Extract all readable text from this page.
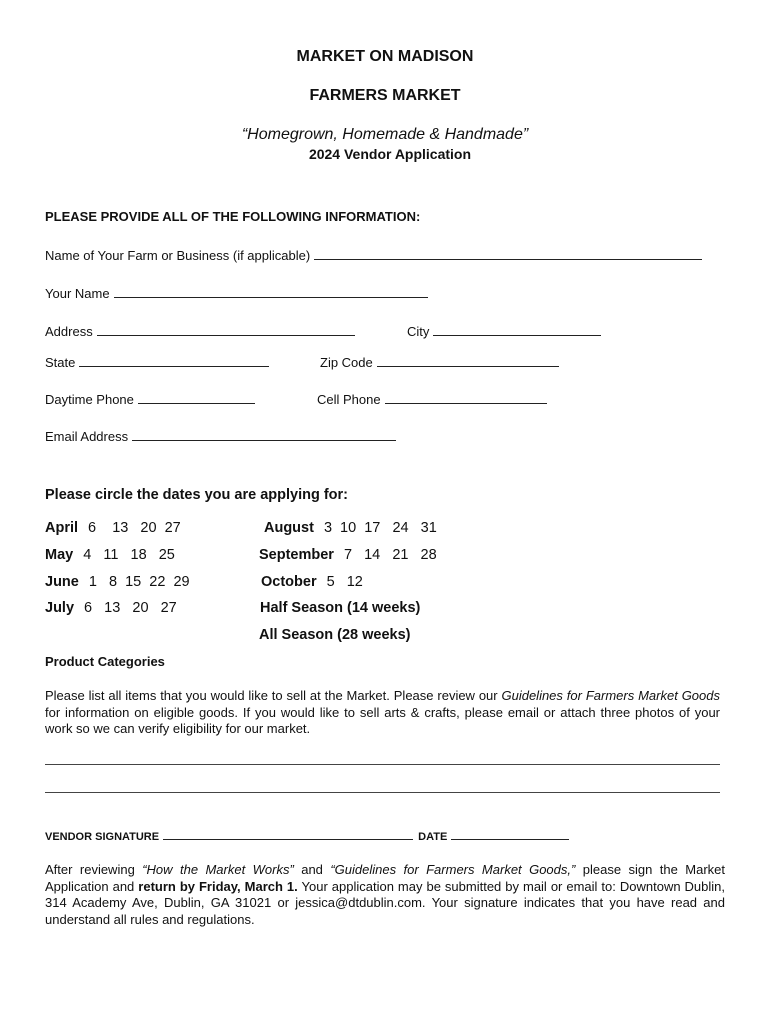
MARKET ON MADISON
FARMERS MARKET
“Homegrown, Homemade & Handmade”
2024 Vendor Application
PLEASE PROVIDE ALL OF THE FOLLOWING INFORMATION:
Name of Your Farm or Business (if applicable)
Your Name
Address	City
State	Zip Code
Daytime Phone	Cell Phone
Email Address
Please circle the dates you are applying for:
April 6    13   20  27
May 4   11   18   25
June 1   8  15  22  29
July 6   13   20   27
August 3  10  17   24   31
September 7   14   21   28
October 5   12
Half Season (14 weeks)
All Season (28 weeks)
Product Categories
Please list all items that you would like to sell at the Market. Please review our Guidelines for Farmers Market Goods for information on eligible goods. If you would like to sell arts & crafts, please email or attach three photos of your work so we can verify eligibility for our market.
VENDOR SIGNATURE	DATE
After reviewing “How the Market Works” and “Guidelines for Farmers Market Goods,” please sign the Market Application and return by Friday, March 1. Your application may be submitted by mail or email to: Downtown Dublin, 314 Academy Ave, Dublin, GA 31021 or jessica@dtdublin.com. Your signature indicates that you have read and understand all rules and regulations.
